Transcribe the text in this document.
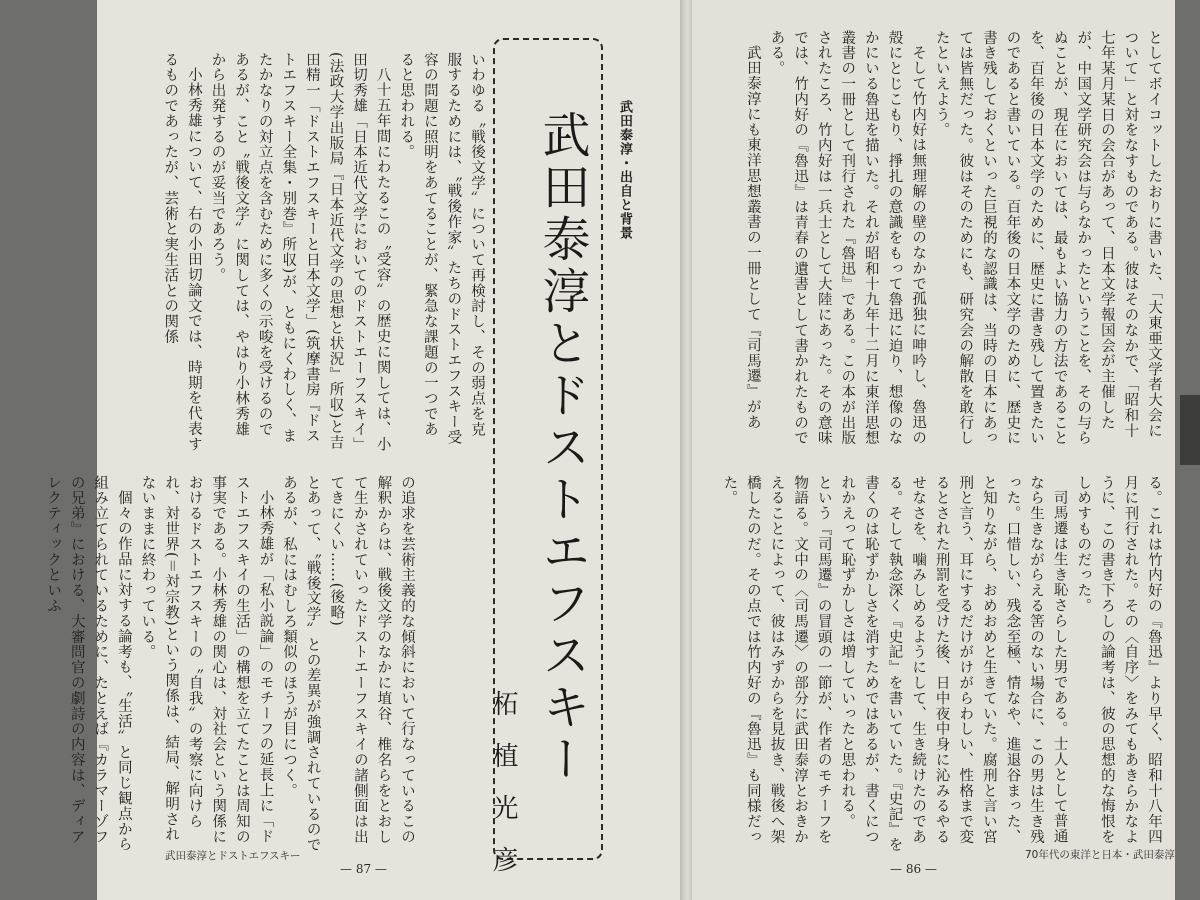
いわゆる〝戦後文学〟について再検討し、その弱点を克服するためには、〝戦後作家〟たちのドストエフスキー受容の問題に照明をあてることが、緊急な課題の一つであると思われる。

八十五年間にわたるこの〝受容〟の歴史に関しては、小田切秀雄「日本近代文学においてのドストエーフスキイ」(法政大学出版局『日本近代文学の思想と状況』所収)と吉田精一「ドストエフスキーと日本文学」(筑摩書房『ドストエフスキー全集・別巻』所収)が、ともにくわしく、またかなりの対立点を含むために多くの示唆を受けるのであるが、こと〝戦後文学〟に関しては、やはり小林秀雄から出発するのが妥当であろう。

小林秀雄について、右の小田切論文では、時期を代表するものであったが、芸術と実生活との関係

の追求を芸術主義的な傾斜において行なっているこの解釈からは、戦後文学のなかに埴谷、椎名らをとおして生かされていったドストエーフスキイの諸側面は出てきにくい……(後略)

とあって、〝戦後文学〟との差異が強調されているのであるが、私にはむしろ類似のほうが目につく。

小林秀雄が「私小説論」のモチーフの延長上に「ドストエフスキイの生活」の構想を立てたことは周知の事実である。小林秀雄の関心は、対社会という関係におけるドストエフスキーの〝自我〟の考察に向けられ、対世界(＝対宗教)という関係は、結局、解明されないままに終わっている。

個々の作品に対する論考も、〝生活〟と同じ観点から組み立てられているために、たとえば『カラマーゾフの兄弟』における、大審問官の劇詩の内容は、ディアレクティックといふ

武田泰淳・出自と背景
武田泰淳とドストエフスキー
柘植光彦
— 87 —
武田泰淳とドストエフスキー

としてボイコットしたおりに書いた、「大東亜文学者大会について」と対をなすものである。彼はそのなかで、「昭和十七年某月某日の会合があって、日本文学報国会が主催したが、中国文学研究会は与らなかったということを、その与らぬことが、現在においては、最もよい協力の方法であることを、百年後の日本文学のために、歴史に書き残して置きたいのであると書いている。百年後の日本文学のために、歴史に書き残しておくといった巨視的な認識は、当時の日本にあっては皆無だった。彼はそのためにも、研究会の解散を敢行したといえよう。

そして竹内好は無理解の壁のなかで孤独に呻吟し、魯迅の殻にとじこもり、掙扎の意識をもって魯迅に迫り、想像のなかにいる魯迅を描いた。それが昭和十九年十二月に東洋思想叢書の一冊として刊行された『魯迅』である。この本が出版されたころ、竹内好は一兵士として大陸にあった。その意味では、竹内好の『魯迅』は青春の遺書として書かれたものである。

武田泰淳にも東洋思想叢書の一冊として『司馬遷』があ

る。これは竹内好の『魯迅』より早く、昭和十八年四月に刊行された。その〈自序〉をみてもあきらかなように、この書き下ろしの論考は、彼の思想的な悔恨をしめすものだった。

司馬遷は生き恥さらした男である。士人として普通なら生きながらえる筈のない場合に、この男は生き残った。口惜しい、残念至極、情なや、進退谷まった、と知りながら、おめおめと生きていた。腐刑と言い宮刑と言う、耳にするだけがけがらわしい、性格まで変るとされた刑罰を受けた後、日中夜中身に沁みるやるせなさを、噛みしめるようにして、生き続けたのである。そして執念深く『史記』を書いていた。『史記』を書くのは恥ずかしさを消すためではあるが、書くにつれかえって恥ずかしさは増していったと思われる。

という『司馬遷』の冒頭の一節が、作者のモチーフを物語る。文中の〈司馬遷〉の部分に武田泰淳とおきかえることによって、彼はみずからを見抜き、戦後へ架橋したのだ。その点では竹内好の『魯迅』も同様だった。

— 86 —
70年代の東洋と日本・武田泰淳
